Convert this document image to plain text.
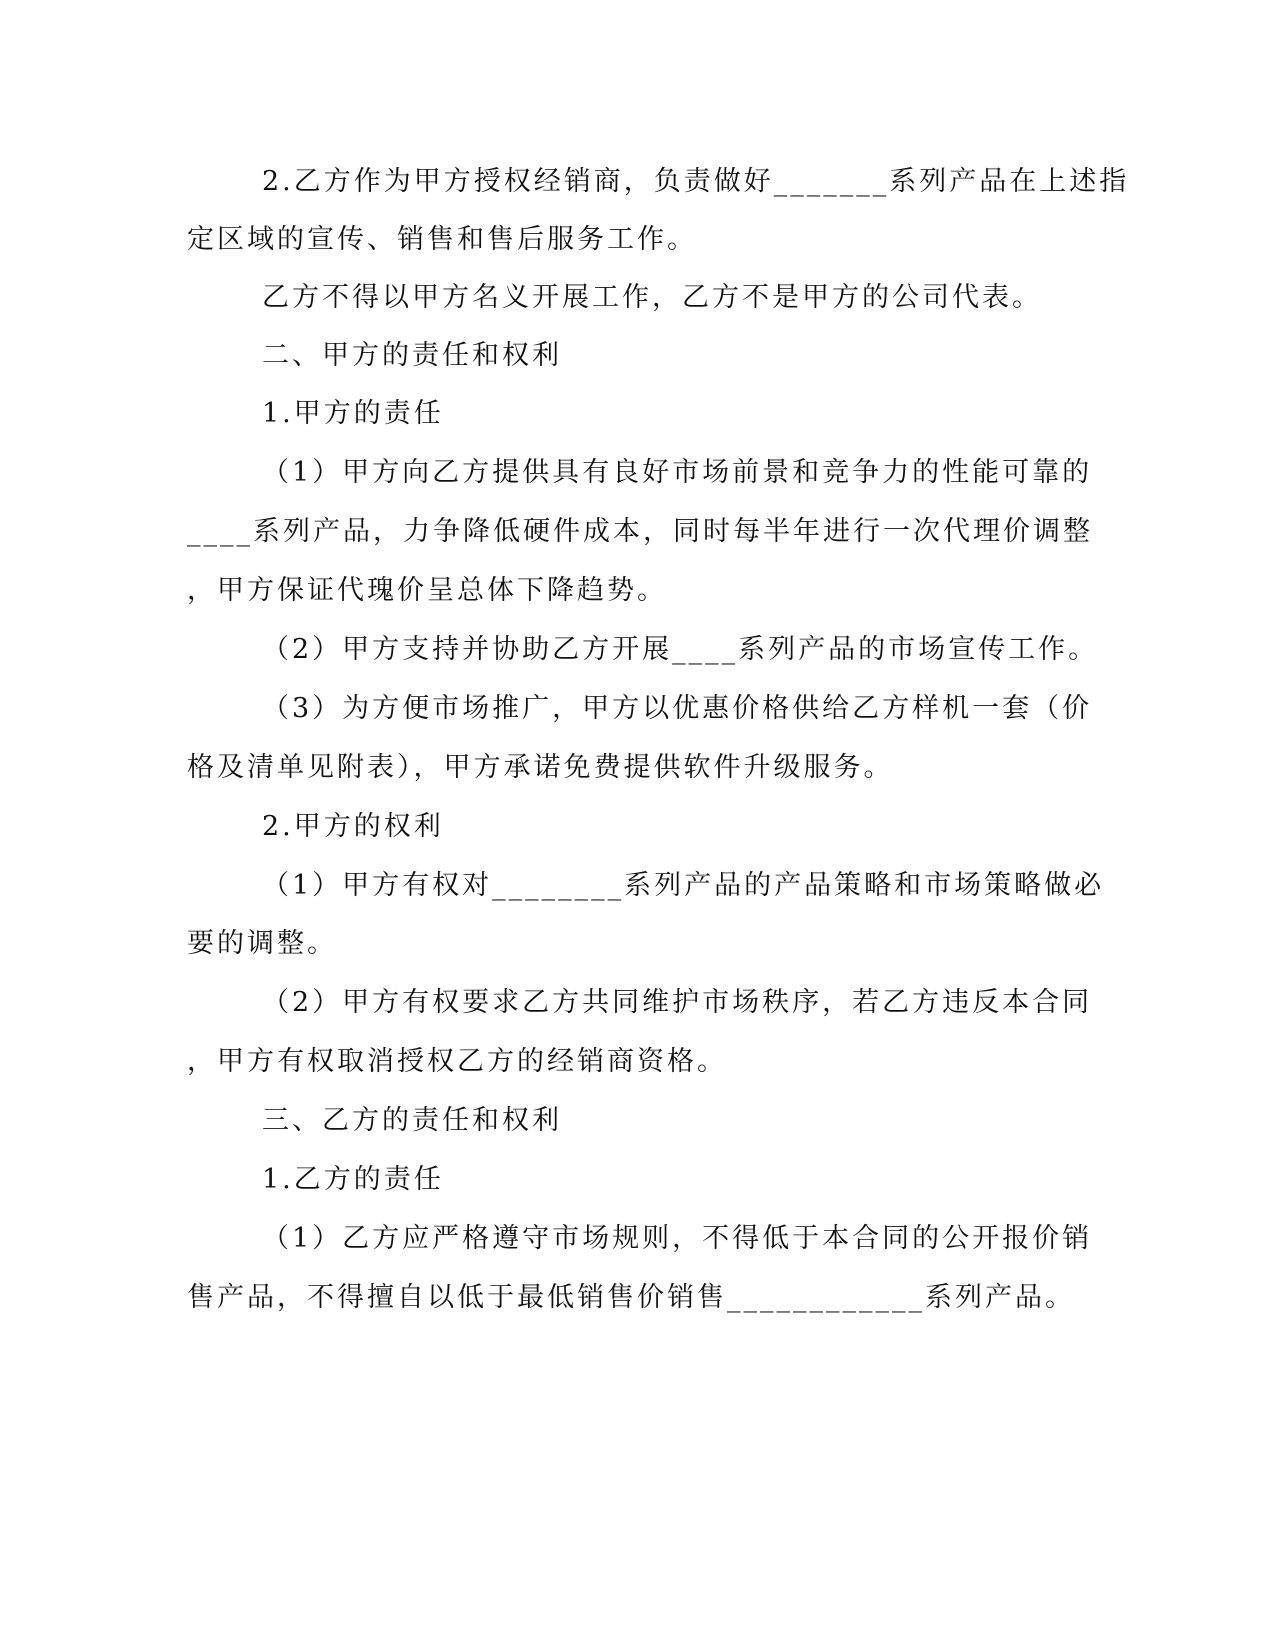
2.乙方作为甲方授权经销商，负责做好_______系列产品在上述指
定区域的宣传、销售和售后服务工作。
乙方不得以甲方名义开展工作，乙方不是甲方的公司代表。
二、甲方的责任和权利
1.甲方的责任
（1）甲方向乙方提供具有良好市场前景和竞争力的性能可靠的
____系列产品，力争降低硬件成本，同时每半年进行一次代理价调整
，甲方保证代瑰价呈总体下降趋势。
（2）甲方支持并协助乙方开展____系列产品的市场宣传工作。
（3）为方便市场推广，甲方以优惠价格供给乙方样机一套（价
格及清单见附表），甲方承诺免费提供软件升级服务。
2.甲方的权利
（1）甲方有权对________系列产品的产品策略和市场策略做必
要的调整。
（2）甲方有权要求乙方共同维护市场秩序，若乙方违反本合同
，甲方有权取消授权乙方的经销商资格。
三、乙方的责任和权利
1.乙方的责任
（1）乙方应严格遵守市场规则，不得低于本合同的公开报价销
售产品，不得擅自以低于最低销售价销售____________系列产品。
